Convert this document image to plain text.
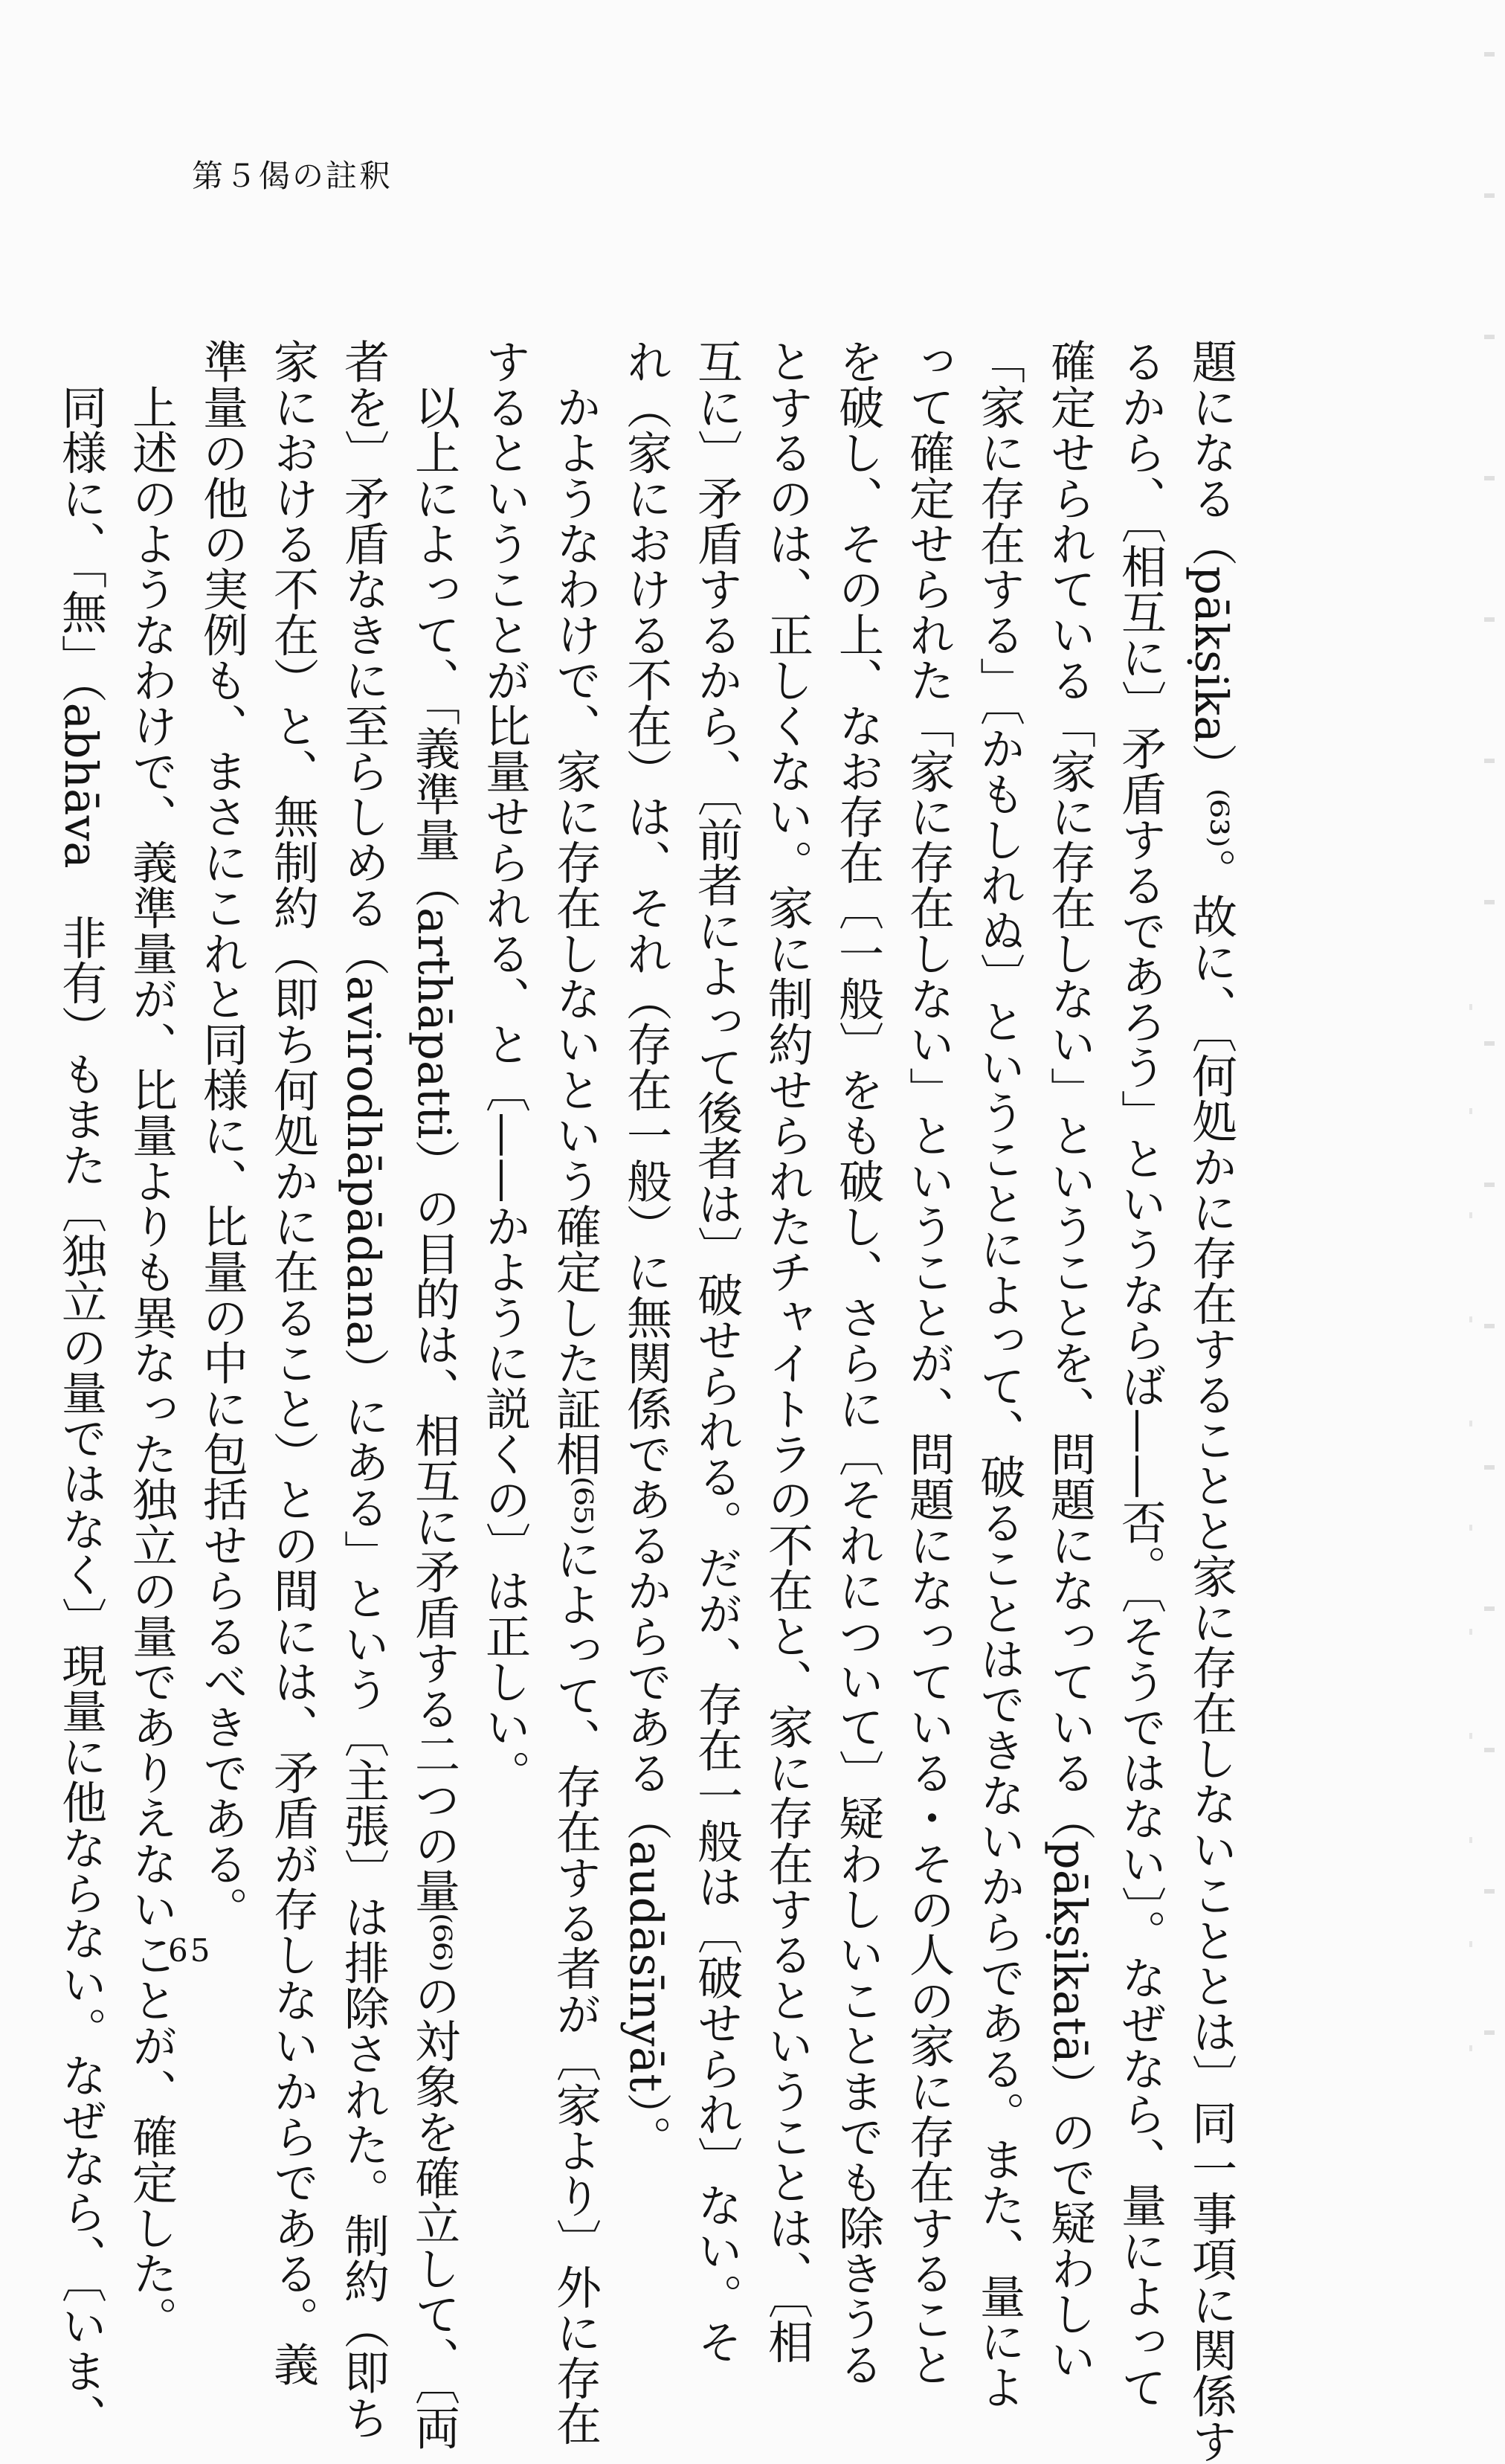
第５偈の註釈
題になる（pākṣika）⁽⁶³⁾。故に、〔何処かに存在することと家に存在しないこととは〕同一事項に関係す
るから、〔相互に〕矛盾するであろう」というならば——否。〔そうではない〕。なぜなら、量によって
確定せられている「家に存在しない」ということを、問題になっている（pākṣikatā）ので疑わしい
「家に存在する」〔かもしれぬ〕ということによって、破ることはできないからである。また、量によ
って確定せられた「家に存在しない」ということが、問題になっている・その人の家に存在すること
を破し、その上、なお存在〔一般〕をも破し、さらに〔それについて〕疑わしいことまでも除きうる
とするのは、正しくない。家に制約せられたチャイトラの不在と、家に存在するということは、〔相
互に〕矛盾するから、〔前者によって後者は〕破せられる。だが、存在一般は〔破せられ〕ない。そ
れ（家における不在）は、それ（存在一般）に無関係であるからである（audāsīnyāt）。
　かようなわけで、家に存在しないという確定した証相⁽⁶⁵⁾によって、存在する者が〔家より〕外に存在
するということが比量せられる、と〔——かように説くの〕は正しい。
　以上によって、「義準量（arthāpatti）の目的は、相互に矛盾する二つの量⁽⁶⁶⁾の対象を確立して、〔両
者を〕矛盾なきに至らしめる（avirodhāpādana）にある」という〔主張〕は排除された。制約（即ち
家における不在）と、無制約（即ち何処かに在ること）との間には、矛盾が存しないからである。義
準量の他の実例も、まさにこれと同様に、比量の中に包括せらるべきである。
　上述のようなわけで、義準量が、比量よりも異なった独立の量でありえないことが、確定した。
　同様に、「無」（abhāva　非有）もまた〔独立の量ではなく〕現量に他ならない。なぜなら、〔いま、 65
